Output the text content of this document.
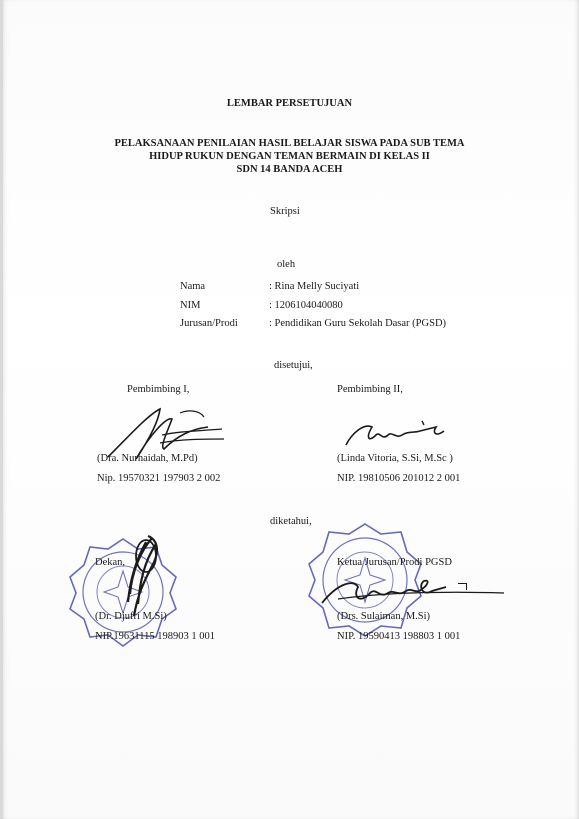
LEMBAR PERSETUJUAN
PELAKSANAAN PENILAIAN HASIL BELAJAR SISWA PADA SUB TEMA
HIDUP RUKUN DENGAN TEMAN BERMAIN DI KELAS II
SDN 14 BANDA ACEH
Skripsi
oleh
Nama	: Rina Melly Suciyati
NIM	: 1206104040080
Jurusan/Prodi	: Pendidikan Guru Sekolah Dasar (PGSD)
disetujui,
Pembimbing I,	Pembimbing II,
(Dra. Nurhaidah, M.Pd)
Nip. 19570321 197903 2 002
(Linda Vitoria, S.Si, M.Sc )
NIP. 19810506 201012 2 001
diketahui,
Dekan,
(Dr. Djufri M.Si)
NIP.19631115 198903 1 001
Ketua Jurusan/Prodi PGSD
(Drs. Sulaiman, M.Si)
NIP. 19590413 198803 1 001
